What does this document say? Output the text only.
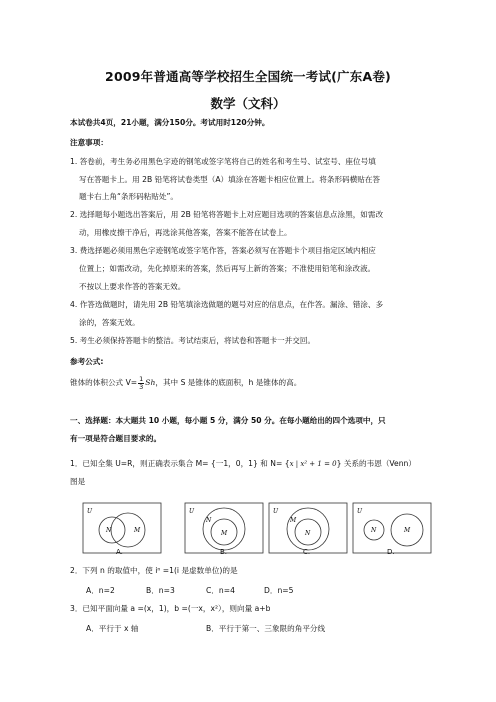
2009年普通高等学校招生全国统一考试(广东A卷)
数学（文科）
本试卷共4页，21小题，满分150分。考试用时120分钟。
注意事项：
1. 答卷前，考生务必用黑色字迹的钢笔或签字笔将自己的姓名和考生号、试室号、座位号填
写在答题卡上。用 2B 铅笔将试卷类型（A）填涂在答题卡相应位置上。将条形码横贴在答
题卡右上角“条形码粘贴处”。
2. 选择题每小题选出答案后，用 2B 铅笔将答题卡上对应题目选项的答案信息点涂黑，如需改
动，用橡皮擦干净后，再选涂其他答案，答案不能答在试卷上。
3. 费选择题必须用黑色字迹钢笔或签字笔作答，答案必须写在答题卡个项目指定区域内相应
位置上；如需改动，先化掉原来的答案，然后再写上新的答案；不准使用铅笔和涂改液。
不按以上要求作答的答案无效。
4. 作答选做题时，请先用 2B 铅笔填涂选做题的题号对应的信息点，在作答。漏涂、错涂、多
涂的，答案无效。
5. 考生必须保持答题卡的整洁。考试结束后，将试卷和答题卡一并交回。
参考公式:
锥体的体积公式 $V= \frac{1}{3}Sh$，其中 S 是锥体的底面积，h 是锥体的高。
一、选择题：本大题共 10 小题，每小题 5 分，满分 50 分。在每小题给出的四个选项中，只
有一项是符合题目要求的。
1．已知全集 U=R，则正确表示集合 M= {一1，0，1} 和 N= {x | x² + 1 = 0} 关系的韦恩（Venn）
图是
U
N	M
U
N
M
U
M
N
U
N	M
A.	B.	C.	D.
2．下列 n 的取值中，使 iⁿ =1(i 是虚数单位)的是
A．n=2	B．n=3	C．n=4	D．n=5
3．已知平面向量 a =(x，1)，b =(一x，x²），则向量 a+b
A．平行于 x 轴	B．平行于第一、三象限的角平分线
